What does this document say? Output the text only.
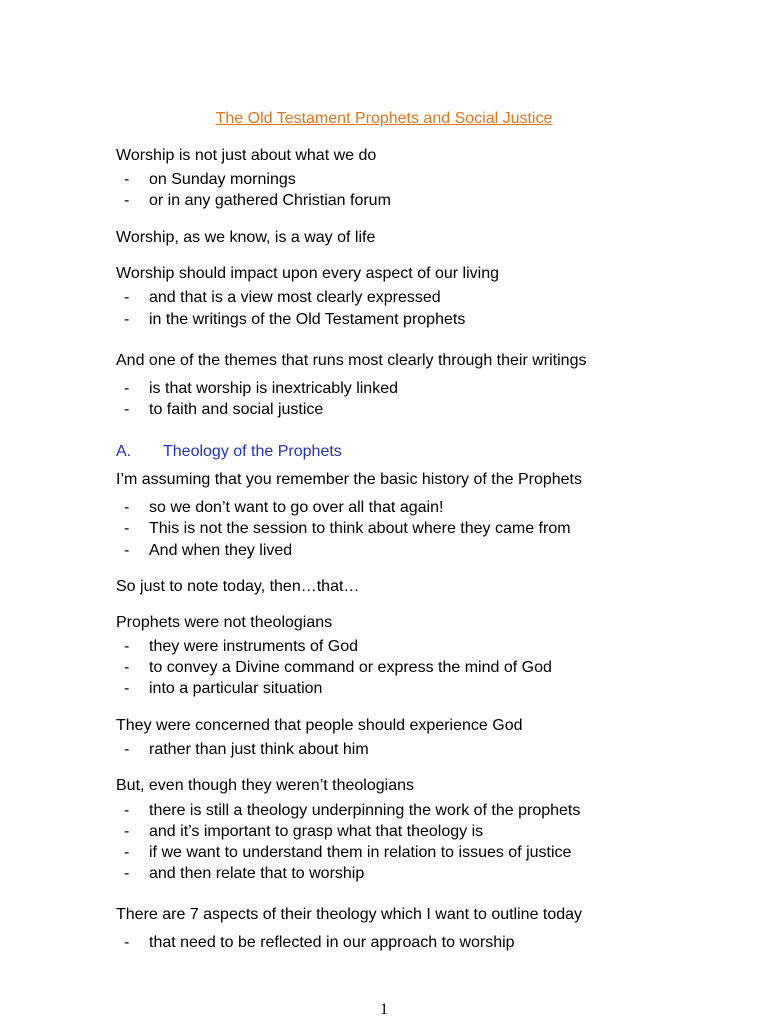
The Old Testament Prophets and Social Justice
Worship is not just about what we do
- on Sunday mornings
- or in any gathered Christian forum
Worship, as we know, is a way of life
Worship should impact upon every aspect of our living
- and that is a view most clearly expressed
- in the writings of the Old Testament prophets
And one of the themes that runs most clearly through their writings
- is that worship is inextricably linked
- to faith and social justice
A. Theology of the Prophets
I’m assuming that you remember the basic history of the Prophets
- so we don’t want to go over all that again!
- This is not the session to think about where they came from
- And when they lived
So just to note today, then…that…
Prophets were not theologians
- they were instruments of God
- to convey a Divine command or express the mind of God
- into a particular situation
They were concerned that people should experience God
- rather than just think about him
But, even though they weren’t theologians
- there is still a theology underpinning the work of the prophets
- and it’s important to grasp what that theology is
- if we want to understand them in relation to issues of justice
- and then relate that to worship
There are 7 aspects of their theology which I want to outline today
- that need to be reflected in our approach to worship
1
